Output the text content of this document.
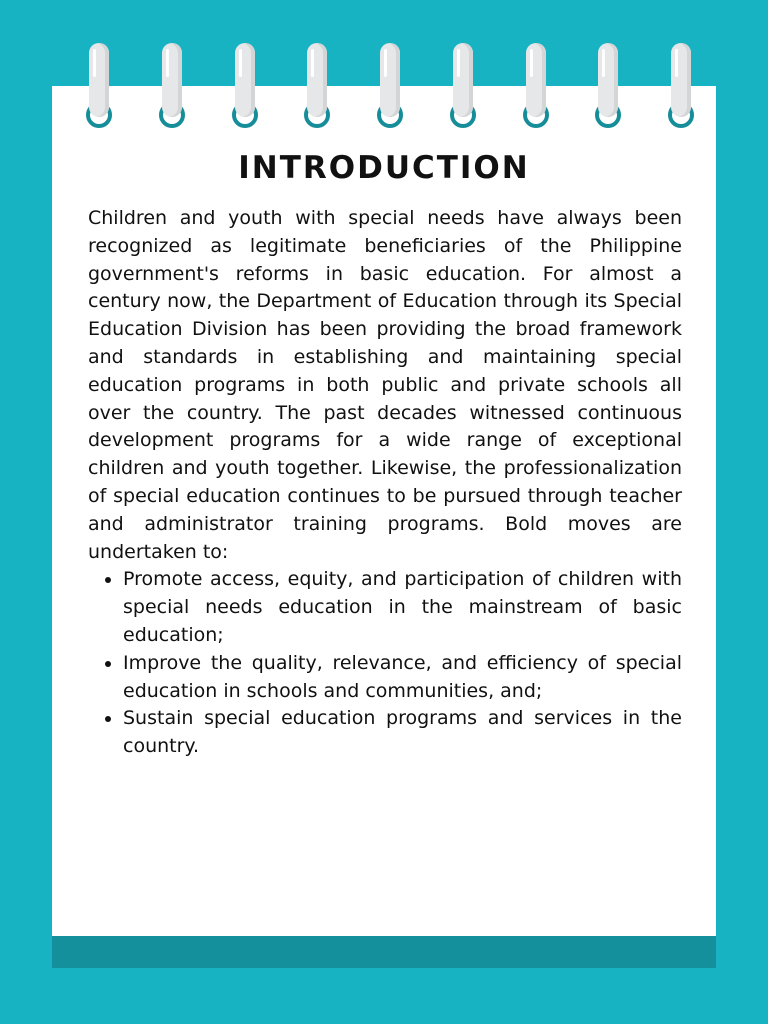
INTRODUCTION

Children and youth with special needs have always been recognized as legitimate beneficiaries of the Philippine government's reforms in basic education. For almost a century now, the Department of Education through its Special Education Division has been providing the broad framework and standards in establishing and maintaining special education programs in both public and private schools all over the country. The past decades witnessed continuous development programs for a wide range of exceptional children and youth together. Likewise, the professionalization of special education continues to be pursued through teacher and administrator training programs. Bold moves are undertaken to:

• Promote access, equity, and participation of children with special needs education in the mainstream of basic education;
• Improve the quality, relevance, and efficiency of special education in schools and communities, and;
• Sustain special education programs and services in the country.
